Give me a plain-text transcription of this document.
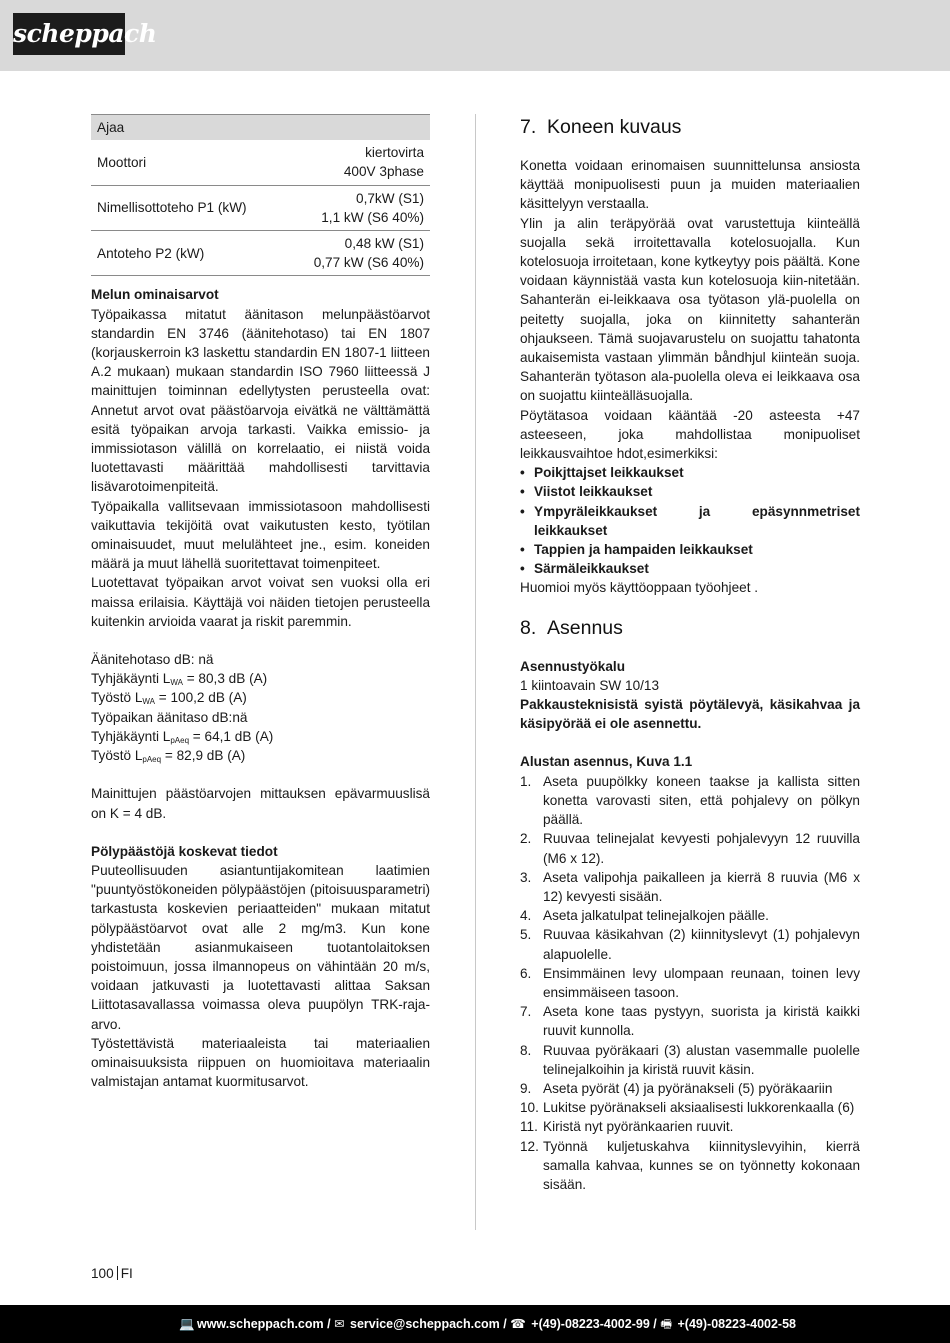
scheppach
Ajaa	
Moottori	kiertovirta
400V 3phase

Nimellisottoteho P1 (kW)	0,7kW (S1)
1,1 kW (S6 40%)

Antoteho P2 (kW)	0,48 kW (S1)
0,77 kW (S6 40%)
Melun ominaisarvot
Työpaikassa mitatut äänitason melunpäästöarvot standardin EN 3746 (äänitehotaso) tai EN 1807 (korjauskerroin k3 laskettu standardin EN 1807-1 liitteen A.2 mukaan) mukaan standardin ISO 7960 liitteessä J mainittujen toiminnan edellytysten perusteella ovat: Annetut arvot ovat päästöarvoja eivätkä ne välttämättä esitä työpaikan arvoja tarkasti. Vaikka emissio- ja immissiotason välillä on korrelaatio, ei niistä voida luotettavasti määrittää mahdollisesti tarvittavia lisävarotoimenpiteitä.
Työpaikalla vallitsevaan immissiotasoon mahdollisesti vaikuttavia tekijöitä ovat vaikutusten kesto, työtilan ominaisuudet, muut melulähteet jne., esim. koneiden määrä ja muut lähellä suoritettavat toimenpiteet.
Luotettavat työpaikan arvot voivat sen vuoksi olla eri maissa erilaisia. Käyttäjä voi näiden tietojen perusteella kuitenkin arvioida vaarat ja riskit paremmin.
Äänitehotaso dB: nä
Tyhjäkäynti $L_{WA} = 80,3$ dB (A)
Työstö $L_{WA} = 100,2$ dB (A)
Työpaikan äänitaso dB:nä
Tyhjäkäynti $L_{pAeq} = 64,1$ dB (A)
Työstö $L_{pAeq} = 82,9$ dB (A)
Mainittujen päästöarvojen mittauksen epävarmuuslisä on K = 4 dB.
Pölypäästöjä koskevat tiedot
Puuteollisuuden asiantuntijakomitean laatimien "puuntyöstökoneiden pölypäästöjen (pitoisuusparametri) tarkastusta koskevien periaatteiden" mukaan mitatut pölypäästöarvot ovat alle 2 mg/m3. Kun kone yhdistetään asianmukaiseen tuotantolaitoksen poistoimuun, jossa ilmannopeus on vähintään 20 m/s, voidaan jatkuvasti ja luotettavasti alittaa Saksan Liittotasavallassa voimassa oleva puupölyn TRK-raja-arvo.
Työstettävistä materiaaleista tai materiaalien ominaisuuksista riippuen on huomioitava materiaalin valmistajan antamat kuormitusarvot.
7. Koneen kuvaus
Konetta voidaan erinomaisen suunnittelunsa ansiosta käyttää monipuolisesti puun ja muiden materiaalien käsittelyyn verstaalla.
Ylin ja alin teräpyörää ovat varustettuja kiinteällä suojalla sekä irroitettavalla kotelosuojalla. Kun kotelosuoja irroitetaan, kone kytkeytyy pois päältä. Kone voidaan käynnistää vasta kun kotelosuoja kiin-nitetään. Sahanterän ei-leikkaava osa työtason ylä-puolella on peitetty suojalla, joka on kiinnitetty sahanterän ohjaukseen. Tämä suojavarustelu on suojattu tahatonta aukaisemista vastaan ylimmän båndhjul kiinteän suoja. Sahanterän työtason ala-puolella oleva ei leikkaava osa on suojattu kiinteälläsuojalla.
Pöytätasoa voidaan kääntää -20 asteesta +47 asteeseen, joka mahdollistaa monipuoliset leikkausvaihtoe hdot,esimerkiksi:
• Poikjttajset leikkaukset
• Viistot leikkaukset
• Ympyräleikkaukset ja epäsynnmetriset leikkaukset
• Tappien ja hampaiden leikkaukset
• Särmäleikkaukset
Huomioi myös käyttöoppaan työohjeet .
8. Asennus
Asennustyökalu
1 kiintoavain SW 10/13
Pakkausteknisistä syistä pöytälevyä, käsikahvaa ja käsipyörää ei ole asennettu.
Alustan asennus, Kuva 1.1
1. Aseta puupölkky koneen taakse ja kallista sitten konetta varovasti siten, että pohjalevy on pölkyn päällä.
2. Ruuvaa telinejalat kevyesti pohjalevyyn 12 ruuvilla (M6 x 12).
3. Aseta valipohja paikalleen ja kierrä 8 ruuvia (M6 x 12) kevyesti sisään.
4. Aseta jalkatulpat telinejalkojen päälle.
5. Ruuvaa käsikahvan (2) kiinnityslevyt (1) pohjalevyn alapuolelle.
6. Ensimmäinen levy ulompaan reunaan, toinen levy ensimmäiseen tasoon.
7. Aseta kone taas pystyyn, suorista ja kiristä kaikki ruuvit kunnolla.
8. Ruuvaa pyöräkaari (3) alustan vasemmalle puolelle telinejalkoihin ja kiristä ruuvit käsin.
9. Aseta pyörät (4) ja pyöränakseli (5) pyöräkaariin
10. Lukitse pyöränakseli aksiaalisesti lukkorenkaalla (6)
11. Kiristä nyt pyöränkaarien ruuvit.
12. Työnnä kuljetuskahva kiinnityslevyihin, kierrä samalla kahvaa, kunnes se on työnnetty kokonaan sisään.
100 FI
💻 www.scheppach.com / ✉ service@scheppach.com / ☎ +(49)-08223-4002-99 / 🖷 +(49)-08223-4002-58
